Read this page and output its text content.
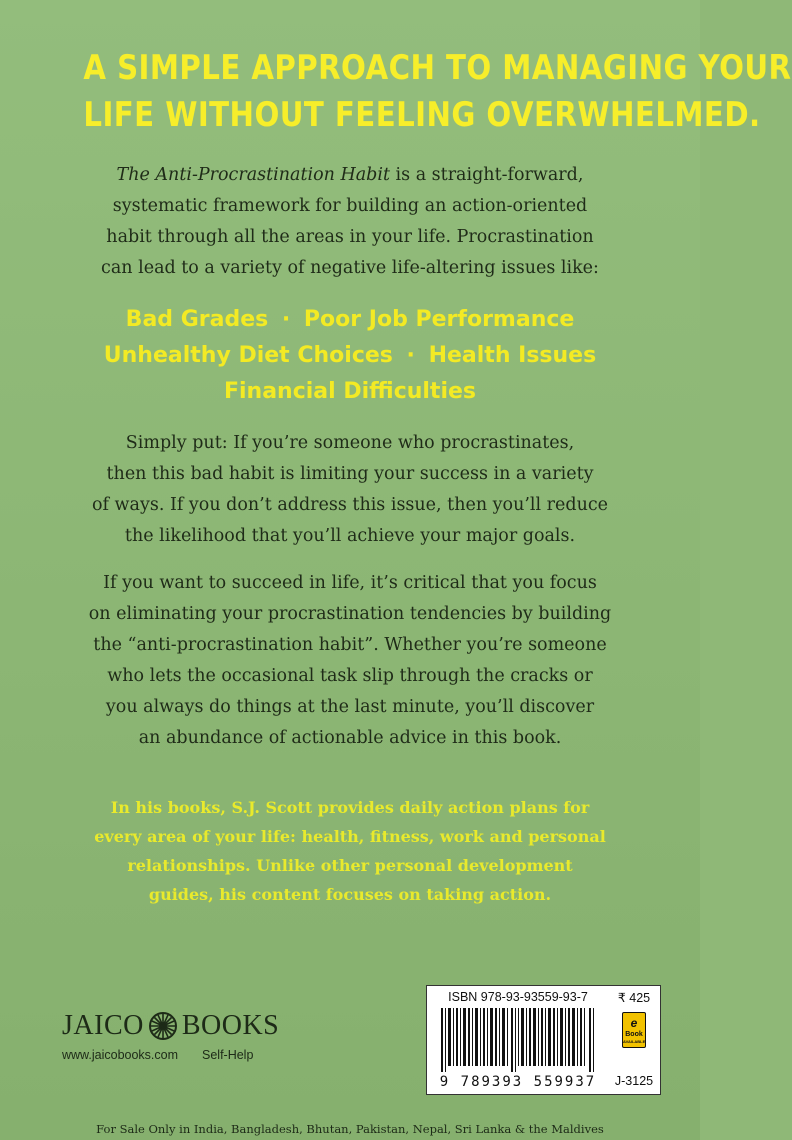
A SIMPLE APPROACH TO MANAGING YOUR
LIFE WITHOUT FEELING OVERWHELMED.
The Anti-Procrastination Habit is a straight-forward,
systematic framework for building an action-oriented
habit through all the areas in your life. Procrastination
can lead to a variety of negative life-altering issues like:
Bad Grades · Poor Job Performance
Unhealthy Diet Choices · Health Issues
Financial Difficulties
Simply put: If you’re someone who procrastinates,
then this bad habit is limiting your success in a variety
of ways. If you don’t address this issue, then you’ll reduce
the likelihood that you’ll achieve your major goals.
If you want to succeed in life, it’s critical that you focus
on eliminating your procrastination tendencies by building
the “anti-procrastination habit”. Whether you’re someone
who lets the occasional task slip through the cracks or
you always do things at the last minute, you’ll discover
an abundance of actionable advice in this book.
In his books, S.J. Scott provides daily action plans for
every area of your life: health, fitness, work and personal
relationships. Unlike other personal development
guides, his content focuses on taking action.
JAICO BOOKS
www.jaicobooks.com Self-Help
ISBN 978-93-93559-93-7
9 789393 559937
₹ 425
e
Book
AVAILABLE
J-3125
For Sale Only in India, Bangladesh, Bhutan, Pakistan, Nepal, Sri Lanka & the Maldives
